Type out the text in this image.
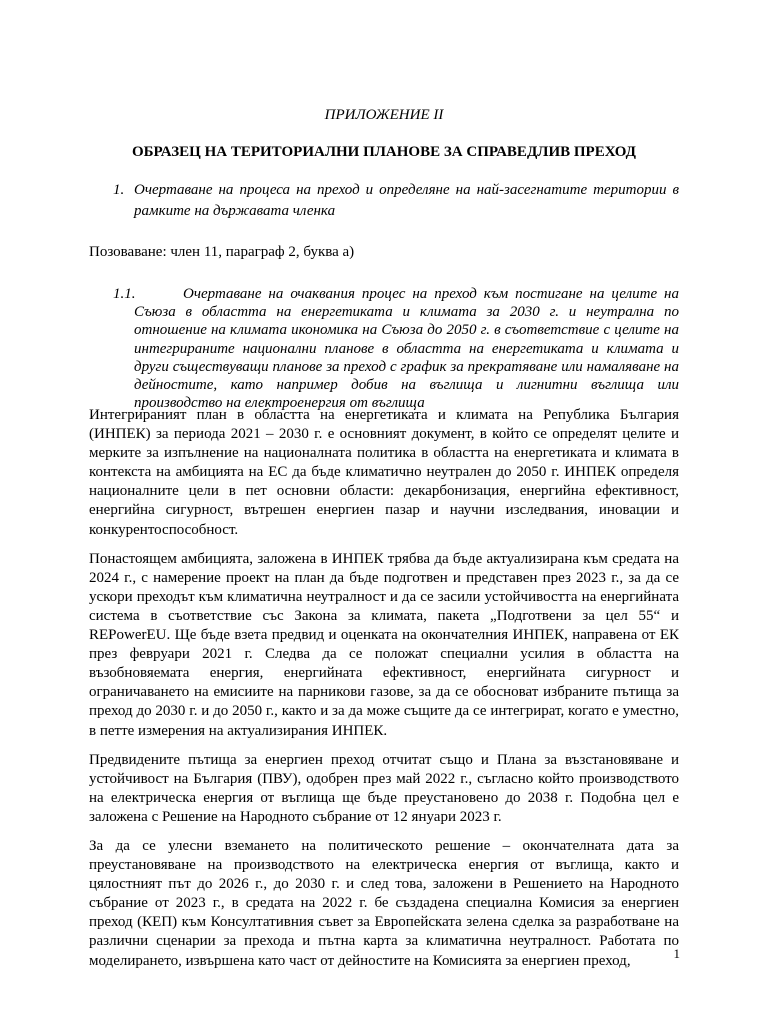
ПРИЛОЖЕНИЕ II
ОБРАЗЕЦ НА ТЕРИТОРИАЛНИ ПЛАНОВЕ ЗА СПРАВЕДЛИВ ПРЕХОД
1. Очертаване на процеса на преход и определяне на най-засегнатите територии в рамките на държавата членка
Позоваване: член 11, параграф 2, буква а)
1.1.	Очертаване на очаквания процес на преход към постигане на целите на Съюза в областта на енергетиката и климата за 2030 г. и неутрална по отношение на климата икономика на Съюза до 2050 г. в съответствие с целите на интегрираните национални планове в областта на енергетиката и климата и други съществуващи планове за преход с график за прекратяване или намаляване на дейностите, като например добив на въглища и лигнитни въглища или производство на електроенергия от въглища

Интегрираният план в областта на енергетиката и климата на Република България (ИНПЕК) за периода 2021 – 2030 г. е основният документ, в който се определят целите и мерките за изпълнение на националната политика в областта на енергетиката и климата в контекста на амбицията на ЕС да бъде климатично неутрален до 2050 г. ИНПЕК определя националните цели в пет основни области: декарбонизация, енергийна ефективност, енергийна сигурност, вътрешен енергиен пазар и научни изследвания, иновации и конкурентоспособност.

Понастоящем амбицията, заложена в ИНПЕК трябва да бъде актуализирана към средата на 2024 г., с намерение проект на план да бъде подготвен и представен през 2023 г., за да се ускори преходът към климатична неутралност и да се засили устойчивостта на енергийната система в съответствие със Закона за климата, пакета „Подготвени за цел 55“ и REPowerEU. Ще бъде взета предвид и оценката на окончателния ИНПЕК, направена от ЕК през февруари 2021 г. Следва да се положат специални усилия в областта на възобновяемата енергия, енергийната ефективност, енергийната сигурност и ограничаването на емисиите на парникови газове, за да се обоснoват избраните пътища за преход до 2030 г. и до 2050 г., както и за да може същите да се интегрират, когато е уместно, в петте измерения на актуализирания ИНПЕК.

Предвидените пътища за енергиен преход отчитат също и Плана за възстановяване и устойчивост на България (ПВУ), одобрен през май 2022 г., съгласно който производството на електрическа енергия от въглища ще бъде преустановено до 2038 г. Подобна цел е заложена с Решение на Народното събрание от 12 януари 2023 г.

За да се улесни вземането на политическото решение – окончателната дата за преустановяване на производството на електрическа енергия от въглища, както и цялостният път до 2026 г., до 2030 г. и след това, заложени в Решението на Народното събрание от 2023 г., в средата на 2022 г. бе създадена специална Комисия за енергиен преход (КЕП) към Консултативния съвет за Европейската зелена сделка за разработване на различни сценарии за прехода и пътна карта за климатична неутралност. Работата по моделирането, извършена като част от дейностите на Комисията за енергиен преход,	1
